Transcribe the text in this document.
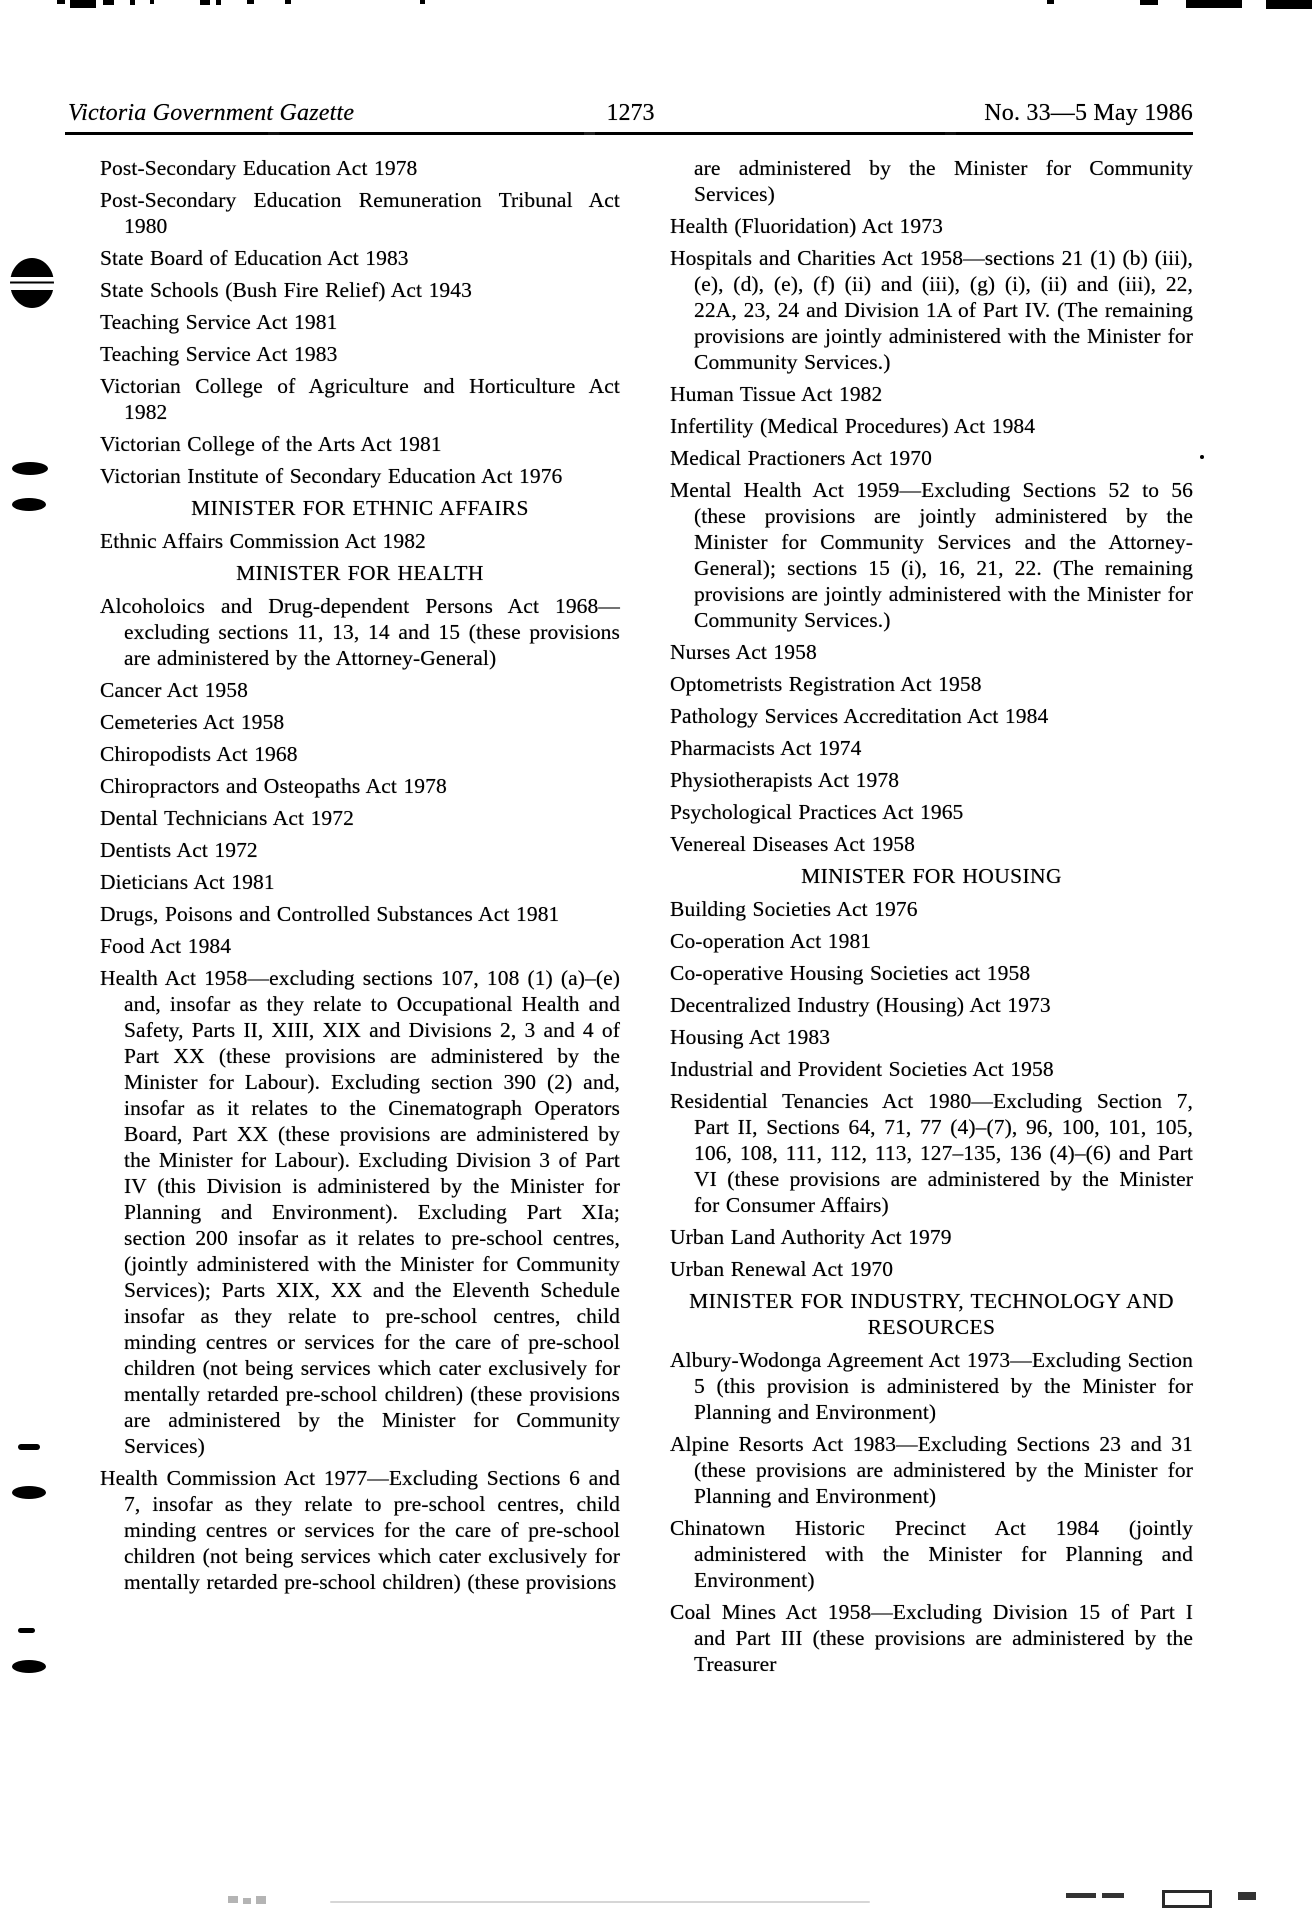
Victoria Government Gazette	1273	No. 33—5 May 1986

Post-Secondary Education Act 1978

Post-Secondary Education Remuneration Tribunal Act 1980

State Board of Education Act 1983

State Schools (Bush Fire Relief) Act 1943

Teaching Service Act 1981

Teaching Service Act 1983

Victorian College of Agriculture and Horticulture Act 1982

Victorian College of the Arts Act 1981

Victorian Institute of Secondary Education Act 1976

MINISTER FOR ETHNIC AFFAIRS

Ethnic Affairs Commission Act 1982

MINISTER FOR HEALTH

Alcoholoics and Drug-dependent Persons Act 1968—excluding sections 11, 13, 14 and 15 (these provisions are administered by the Attorney-General)

Cancer Act 1958

Cemeteries Act 1958

Chiropodists Act 1968

Chiropractors and Osteopaths Act 1978

Dental Technicians Act 1972

Dentists Act 1972

Dieticians Act 1981

Drugs, Poisons and Controlled Substances Act 1981

Food Act 1984

Health Act 1958—excluding sections 107, 108 (1) (a)–(e) and, insofar as they relate to Occupational Health and Safety, Parts II, XIII, XIX and Divisions 2, 3 and 4 of Part XX (these provisions are administered by the Minister for Labour). Excluding section 390 (2) and, insofar as it relates to the Cinematograph Operators Board, Part XX (these provisions are administered by the Minister for Labour). Excluding Division 3 of Part IV (this Division is administered by the Minister for Planning and Environment). Excluding Part XIa; section 200 insofar as it relates to pre-school centres, (jointly administered with the Minister for Community Services); Parts XIX, XX and the Eleventh Schedule insofar as they relate to pre-school centres, child minding centres or services for the care of pre-school children (not being services which cater exclusively for mentally retarded pre-school children) (these provisions are administered by the Minister for Community Services)

Health Commission Act 1977—Excluding Sections 6 and 7, insofar as they relate to pre-school centres, child minding centres or services for the care of pre-school children (not being services which cater exclusively for mentally retarded pre-school children) (these provisions

are administered by the Minister for Community Services)

Health (Fluoridation) Act 1973

Hospitals and Charities Act 1958—sections 21 (1) (b) (iii), (e), (d), (e), (f) (ii) and (iii), (g) (i), (ii) and (iii), 22, 22A, 23, 24 and Division 1A of Part IV. (The remaining provisions are jointly administered with the Minister for Community Services.)

Human Tissue Act 1982

Infertility (Medical Procedures) Act 1984

Medical Practioners Act 1970

Mental Health Act 1959—Excluding Sections 52 to 56 (these provisions are jointly administered by the Minister for Community Services and the Attorney-General); sections 15 (i), 16, 21, 22. (The remaining provisions are jointly administered with the Minister for Community Services.)

Nurses Act 1958

Optometrists Registration Act 1958

Pathology Services Accreditation Act 1984

Pharmacists Act 1974

Physiotherapists Act 1978

Psychological Practices Act 1965

Venereal Diseases Act 1958

MINISTER FOR HOUSING

Building Societies Act 1976

Co-operation Act 1981

Co-operative Housing Societies act 1958

Decentralized Industry (Housing) Act 1973

Housing Act 1983

Industrial and Provident Societies Act 1958

Residential Tenancies Act 1980—Excluding Section 7, Part II, Sections 64, 71, 77 (4)–(7), 96, 100, 101, 105, 106, 108, 111, 112, 113, 127–135, 136 (4)–(6) and Part VI (these provisions are administered by the Minister for Consumer Affairs)

Urban Land Authority Act 1979

Urban Renewal Act 1970

MINISTER FOR INDUSTRY, TECHNOLOGY AND RESOURCES

Albury-Wodonga Agreement Act 1973—Excluding Section 5 (this provision is administered by the Minister for Planning and Environment)

Alpine Resorts Act 1983—Excluding Sections 23 and 31 (these provisions are administered by the Minister for Planning and Environment)

Chinatown Historic Precinct Act 1984 (jointly administered with the Minister for Planning and Environment)

Coal Mines Act 1958—Excluding Division 15 of Part I and Part III (these provisions are administered by the Treasurer
